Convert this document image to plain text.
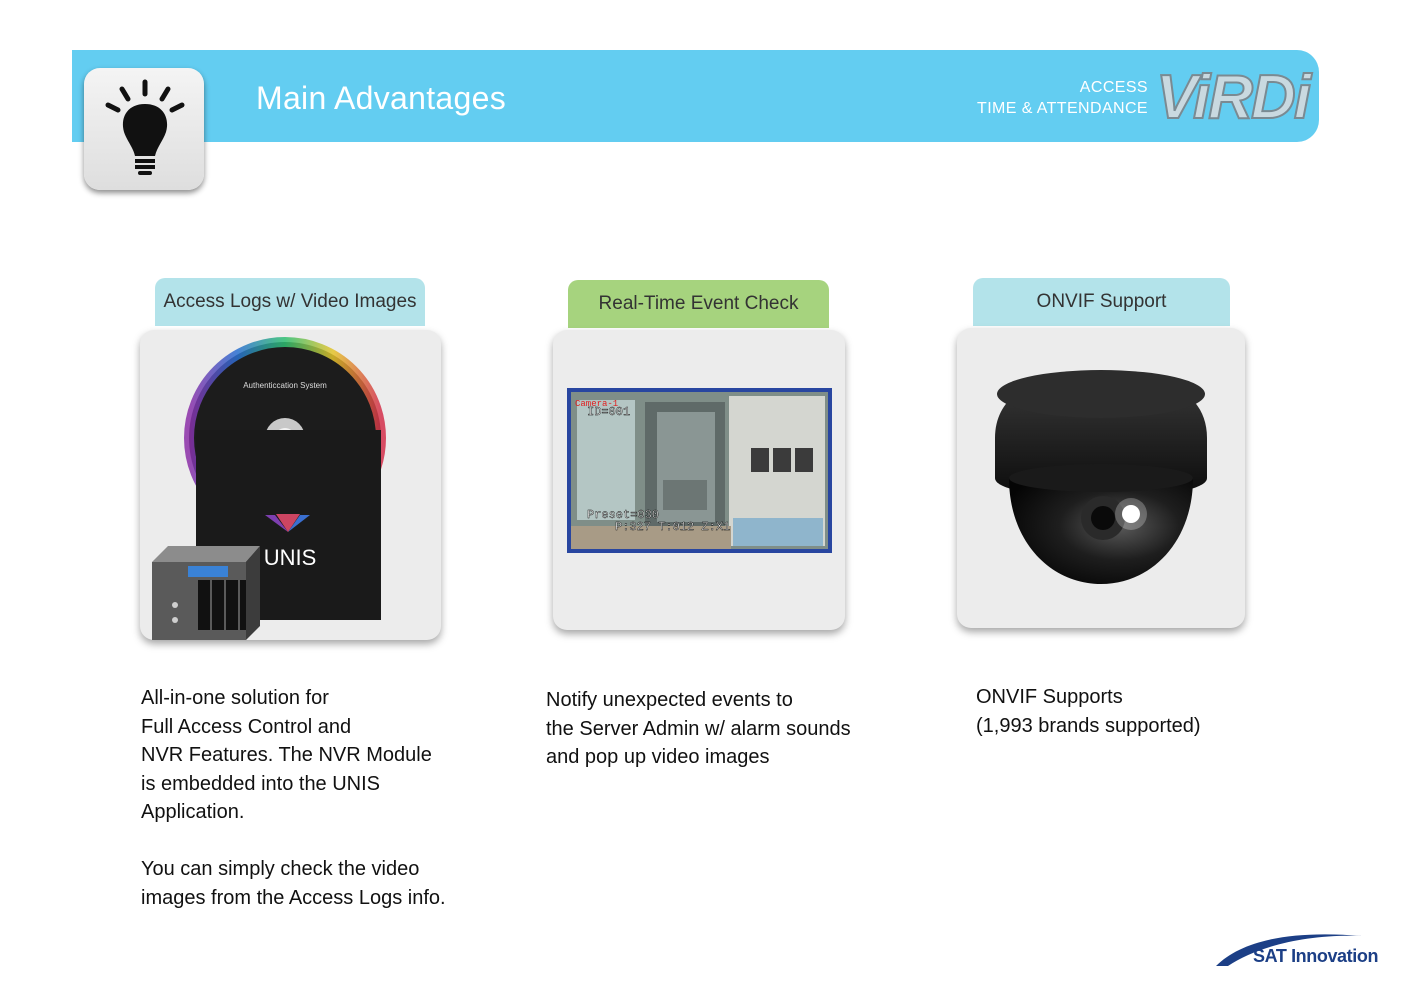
Main Advantages	ACCESS
TIME & ATTENDANCE ViRDi
Access Logs w/ Video Images
Authenticcation System
UNIS
All-in-one solution for
Full Access Control and
NVR Features. The NVR Module
is embedded into the UNIS
Application.

You can simply check the video
images from the Access Logs info.
Real-Time Event Check
Camera-1
ID=001
Preset=030
P:327 T:012 Z:X1
Notify unexpected events to
the Server Admin w/ alarm sounds
and pop up video images
ONVIF Support
ONVIF Supports
(1,993 brands supported)
SAT Innovation
